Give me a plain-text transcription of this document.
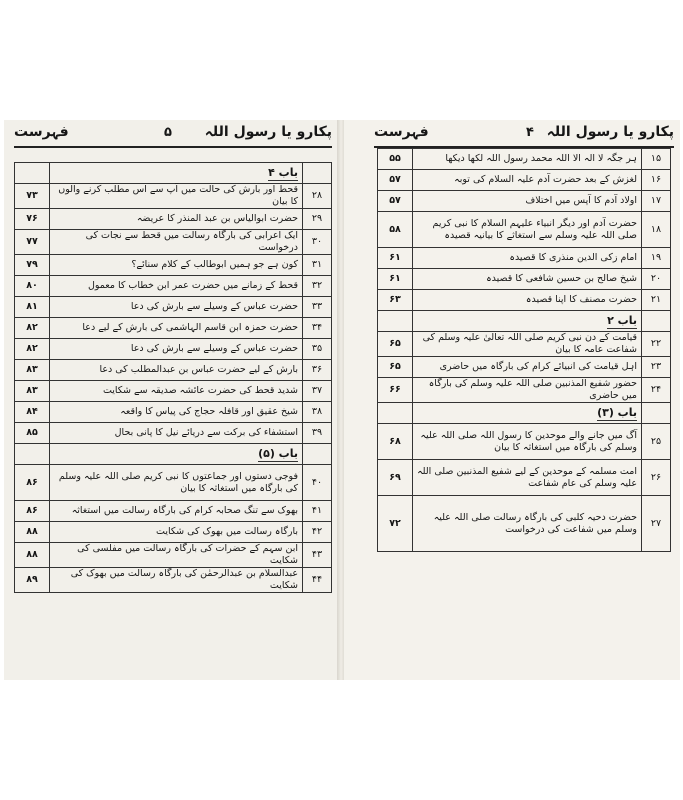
پکارو یا رسول اللہ
۵
فہرست
	باب ۴	
۲۸	قحط اور بارش کی حالت میں آپ سے اس مطلب کرنے والوں کا بیان	۷۳
۲۹	حضرت ابوالیاس بن عبد المنذر کا عریضہ	۷۶
۳۰	ایک اعرابی کی بارگاہ رسالت میں قحط سے نجات کی درخواست	۷۷
۳۱	کون ہے جو ہمیں ابوطالب کے کلام سنائے؟	۷۹
۳۲	قحط کے زمانے میں حضرت عمر ابن خطاب کا معمول	۸۰
۳۳	حضرت عباس کے وسیلے سے بارش کی دعا	۸۱
۳۴	حضرت حمزہ ابن قاسم الہاشمی کی بارش کے لیے دعا	۸۲
۳۵	حضرت عباس کے وسیلے سے بارش کی دعا	۸۲
۳۶	بارش کے لیے حضرت عباس بن عبدالمطلب کی دعا	۸۳
۳۷	شدید قحط کی حضرت عائشہ صدیقہ سے شکایت	۸۳
۳۸	شیخ عقیق اور قافلہ حجاج کی پیاس کا واقعہ	۸۴
۳۹	استشفاء کی برکت سے دریائے نیل کا پانی بحال	۸۵
	باب (۵)	
۴۰	فوجی دستوں اور جماعتوں کا نبی کریم صلی اللہ علیہ وسلم کی بارگاہ میں استغاثہ کا بیان	۸۶
۴۱	بھوک سے تنگ صحابہ کرام کی بارگاہ رسالت میں استغاثہ	۸۶
۴۲	بارگاہ رسالت میں بھوک کی شکایت	۸۸
۴۳	ابن سہم کے حضرات کی بارگاہ رسالت میں مفلسی کی شکایت	۸۸
۴۴	عبدالسلام بن عبدالرحمٰن کی بارگاہ رسالت میں بھوک کی شکایت	۸۹
پکارو یا رسول اللہ
۴
فہرست
۱۵	ہر جگہ لا الہ الا اللہ محمد رسول اللہ لکھا دیکھا	۵۵
۱۶	لغزش کے بعد حضرت آدم علیہ السلام کی توبہ	۵۷
۱۷	اولاد آدم کا آپس میں اختلاف	۵۷
۱۸	حضرت آدم اور دیگر انبیاء علیہم السلام کا نبی کریم صلی اللہ علیہ وسلم سے استغاثے کا بیانیہ قصیدہ	۵۸
۱۹	امام زکی الدین منذری کا قصیدہ	۶۱
۲۰	شیخ صالح بن حسین شافعی کا قصیدہ	۶۱
۲۱	حضرت مصنف کا اپنا قصیدہ	۶۳
	باب ۲	
۲۲	قیامت کے دن نبی کریم صلی اللہ تعالیٰ علیہ وسلم کی شفاعت عامہ کا بیان	۶۵
۲۳	اہل قیامت کی انبیائے کرام کی بارگاہ میں حاضری	۶۵
۲۴	حضور شفیع المذنبین صلی اللہ علیہ وسلم کی بارگاہ میں حاضری	۶۶
	باب (۳)	
۲۵	آگ میں جانے والے موحدین کا رسول اللہ صلی اللہ علیہ وسلم کی بارگاہ میں استغاثہ کا بیان	۶۸
۲۶	امت مسلمہ کے موحدین کے لیے شفیع المذنبین صلی اللہ علیہ وسلم کی عام شفاعت	۶۹
۲۷	حضرت دحیہ کلبی کی بارگاہ رسالت صلی اللہ علیہ وسلم میں شفاعت کی درخواست	۷۲
